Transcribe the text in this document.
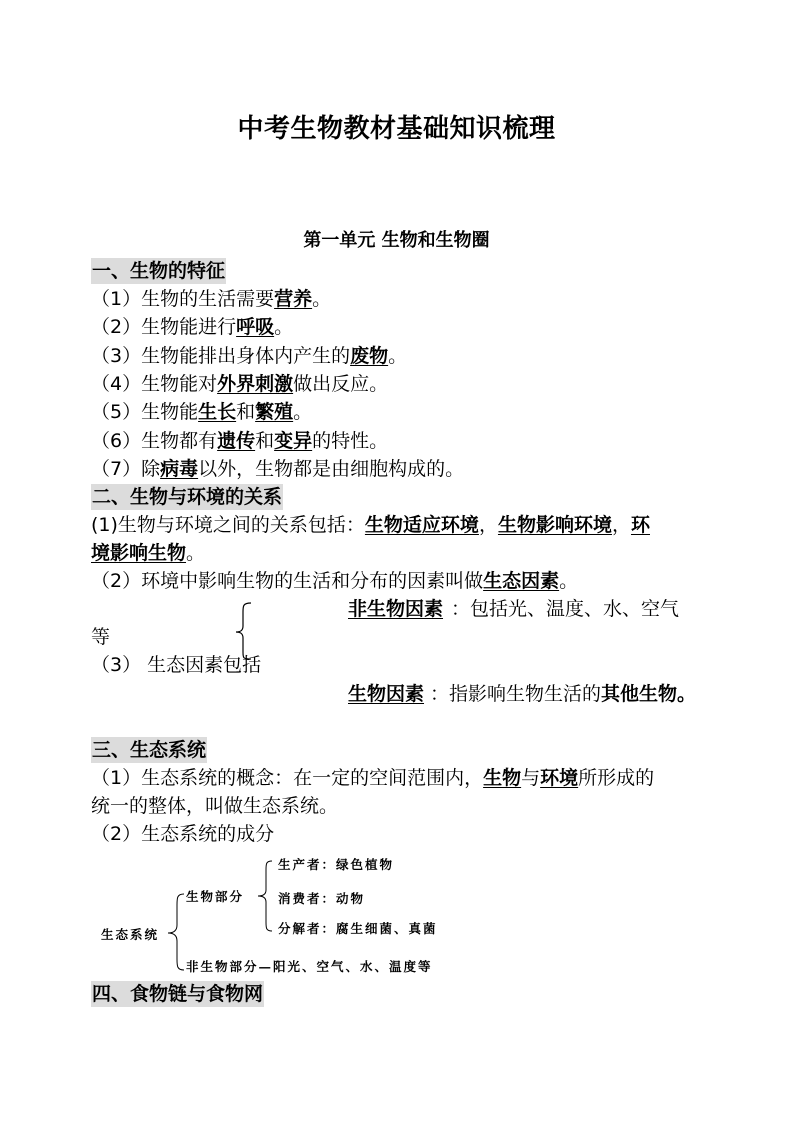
中考生物教材基础知识梳理
第一单元 生物和生物圈
一、生物的特征
（1）生物的生活需要营养。
（2）生物能进行呼吸。
（3）生物能排出身体内产生的废物。
（4）生物能对外界刺激做出反应。
（5）生物能生长和繁殖。
（6）生物都有遗传和变异的特性。
（7）除病毒以外，生物都是由细胞构成的。
二、生物与环境的关系
(1)生物与环境之间的关系包括：生物适应环境，生物影响环境，环
境影响生物。
（2）环境中影响生物的生活和分布的因素叫做生态因素。
非生物因素 ：包括光、温度、水、空气
等
（3） 生态因素包括
生物因素 ：指影响生物生活的其他生物。
三、生态系统
（1）生态系统的概念：在一定的空间范围内，生物与环境所形成的
统一的整体，叫做生态系统。
（2）生态系统的成分
生态系统
生物部分
生产者：绿色植物
消费者：动物
分解者：腐生细菌、真菌
非生物部分—阳光、空气、水、温度等
四、食物链与食物网
